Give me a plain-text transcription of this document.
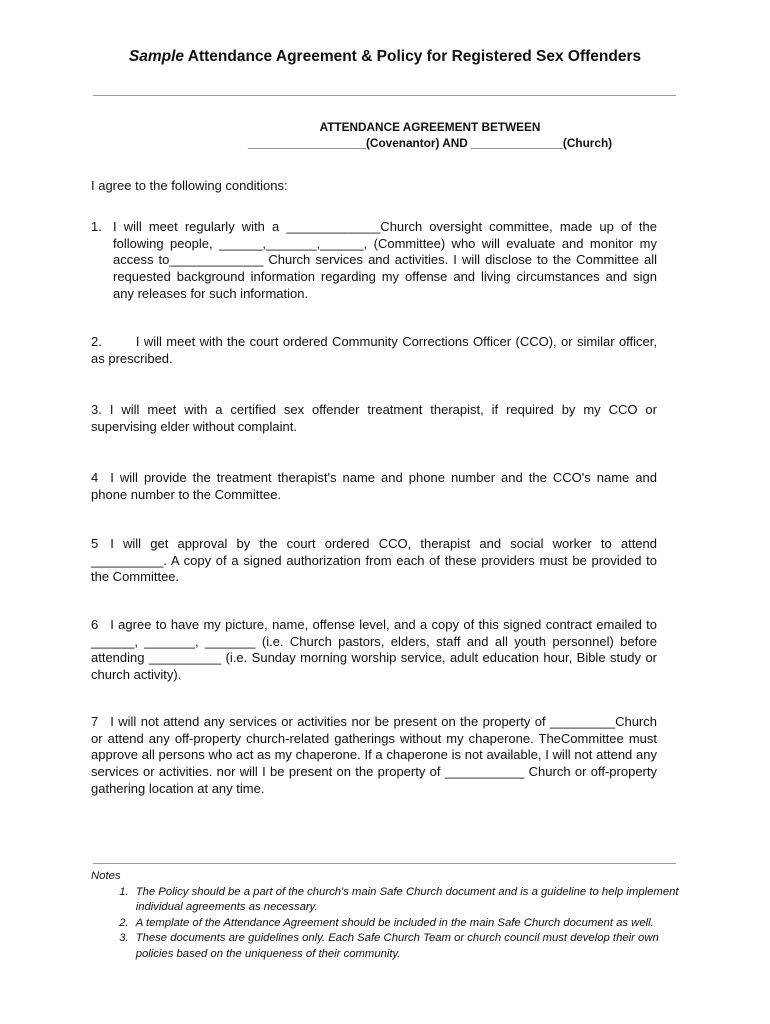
Sample Attendance Agreement & Policy for Registered Sex Offenders
ATTENDANCE AGREEMENT BETWEEN
__________________(Covenantor) AND ______________(Church)
I agree to the following conditions:
1. I will meet regularly with a _____________Church oversight committee, made up of the following people, ______,_______,______, (Committee) who will evaluate and monitor my access to_____________ Church services and activities. I will disclose to the Committee all requested background information regarding my offense and living circumstances and sign any releases for such information.
2.	I will meet with the court ordered Community Corrections Officer (CCO), or similar officer, as prescribed.
3. I will meet with a certified sex offender treatment therapist, if required by my CCO or supervising elder without complaint.
4 I will provide the treatment therapist's name and phone number and the CCO's name and phone number to the Committee.
5 I will get approval by the court ordered CCO, therapist and social worker to attend __________. A copy of a signed authorization from each of these providers must be provided to the Committee.
6 I agree to have my picture, name, offense level, and a copy of this signed contract emailed to ______, _______, _______ (i.e. Church pastors, elders, staff and all youth personnel) before attending __________ (i.e. Sunday morning worship service, adult education hour, Bible study or church activity).
7 I will not attend any services or activities nor be present on the property of _________Church or attend any off-property church-related gatherings without my chaperone. TheCommittee must approve all persons who act as my chaperone. If a chaperone is not available, I will not attend any services or activities. nor will I be present on the property of ___________ Church or off-property gathering location at any time.
Notes
1. The Policy should be a part of the church's main Safe Church document and is a guideline to help implement individual agreements as necessary.
2. A template of the Attendance Agreement should be included in the main Safe Church document as well.
3. These documents are guidelines only. Each Safe Church Team or church council must develop their own policies based on the uniqueness of their community.
